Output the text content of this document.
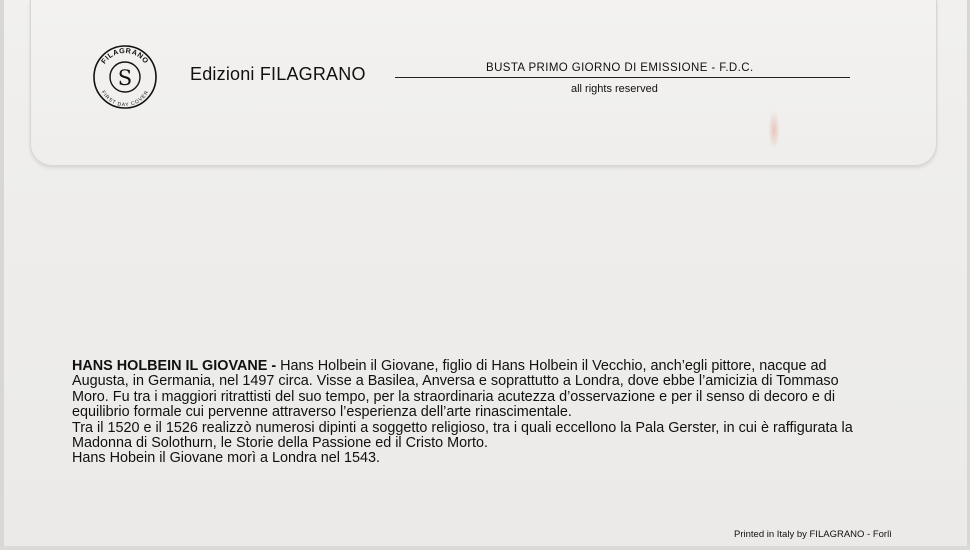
FILAGRANO
FIRST DAY COVER
S	Edizioni FILAGRANO	BUSTA PRIMO GIORNO DI EMISSIONE - F.D.C.
all rights reserved

HANS HOLBEIN IL GIOVANE - Hans Holbein il Giovane, figlio di Hans Holbein il Vecchio, anch’egli pittore, nacque ad Augusta, in Germania, nel 1497 circa. Visse a Basilea, Anversa e soprattutto a Londra, dove ebbe l’amicizia di Tommaso Moro. Fu tra i maggiori ritrattisti del suo tempo, per la straordinaria acutezza d’osservazione e per il senso di decoro e di equilibrio formale cui pervenne attraverso l’esperienza dell’arte rinascimentale.

Tra il 1520 e il 1526 realizzò numerosi dipinti a soggetto religioso, tra i quali eccellono la Pala Gerster, in cui è raffigurata la Madonna di Solothurn, le Storie della Passione ed il Cristo Morto.

Hans Hobein il Giovane morì a Londra nel 1543.

Printed in Italy by FILAGRANO - Forlì
